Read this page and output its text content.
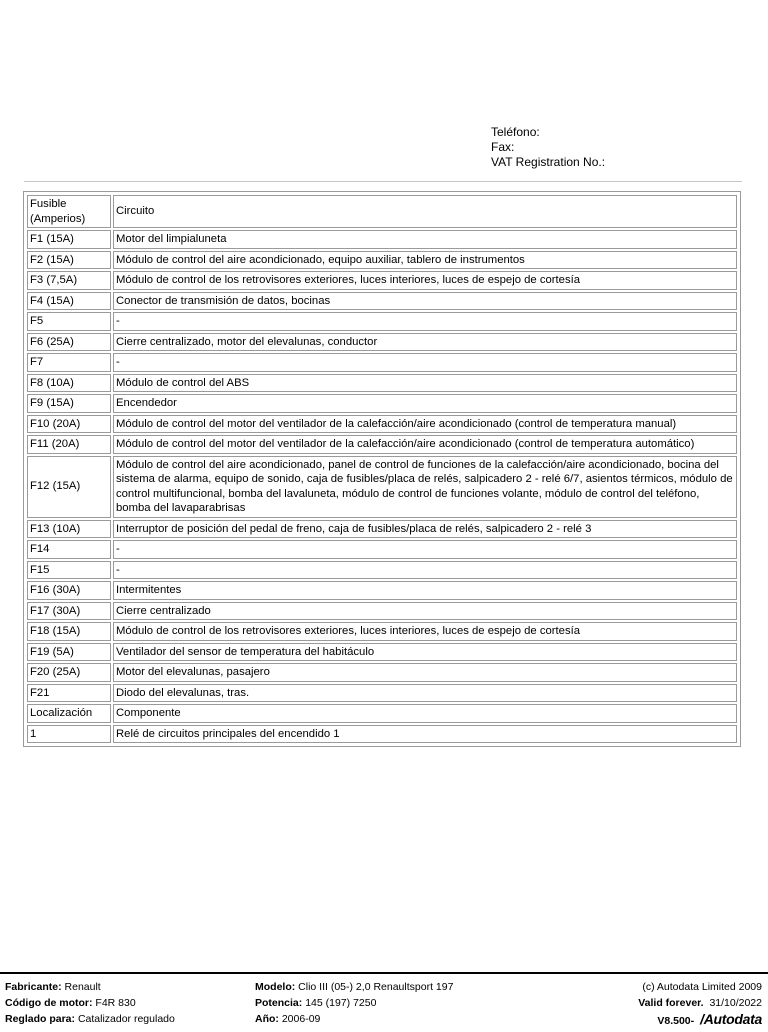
Teléfono:
Fax:
VAT Registration No.:
Fusible (Amperios)	Circuito
F1 (15A)	Motor del limpialuneta
F2 (15A)	Módulo de control del aire acondicionado, equipo auxiliar, tablero de instrumentos
F3 (7,5A)	Módulo de control de los retrovisores exteriores, luces interiores, luces de espejo de cortesía
F4 (15A)	Conector de transmisión de datos, bocinas
F5	-
F6 (25A)	Cierre centralizado, motor del elevalunas, conductor
F7	-
F8 (10A)	Módulo de control del ABS
F9 (15A)	Encendedor
F10 (20A)	Módulo de control del motor del ventilador de la calefacción/aire acondicionado (control de temperatura manual)
F11 (20A)	Módulo de control del motor del ventilador de la calefacción/aire acondicionado (control de temperatura automático)
F12 (15A)	Módulo de control del aire acondicionado, panel de control de funciones de la calefacción/aire acondicionado, bocina del sistema de alarma, equipo de sonido, caja de fusibles/placa de relés, salpicadero 2 - relé 6/7, asientos térmicos, módulo de control multifuncional, bomba del lavaluneta, módulo de control de funciones volante, módulo de control del teléfono, bomba del lavaparabrisas
F13 (10A)	Interruptor de posición del pedal de freno, caja de fusibles/placa de relés, salpicadero 2 - relé 3
F14	-
F15	-
F16 (30A)	Intermitentes
F17 (30A)	Cierre centralizado
F18 (15A)	Módulo de control de los retrovisores exteriores, luces interiores, luces de espejo de cortesía
F19 (5A)	Ventilador del sensor de temperatura del habitáculo
F20 (25A)	Motor del elevalunas, pasajero
F21	Diodo del elevalunas, tras.
Localización	Componente
1	Relé de circuitos principales del encendido 1
Fabricante: Renault
Código de motor: F4R 830
Reglado para: Catalizador regulado
Modelo: Clio III (05-) 2,0 Renaultsport 197
Potencia: 145 (197) 7250
Año: 2006-09
(c) Autodata Limited 2009
Valid forever. 31/10/2022
V8.500- /Autodata
